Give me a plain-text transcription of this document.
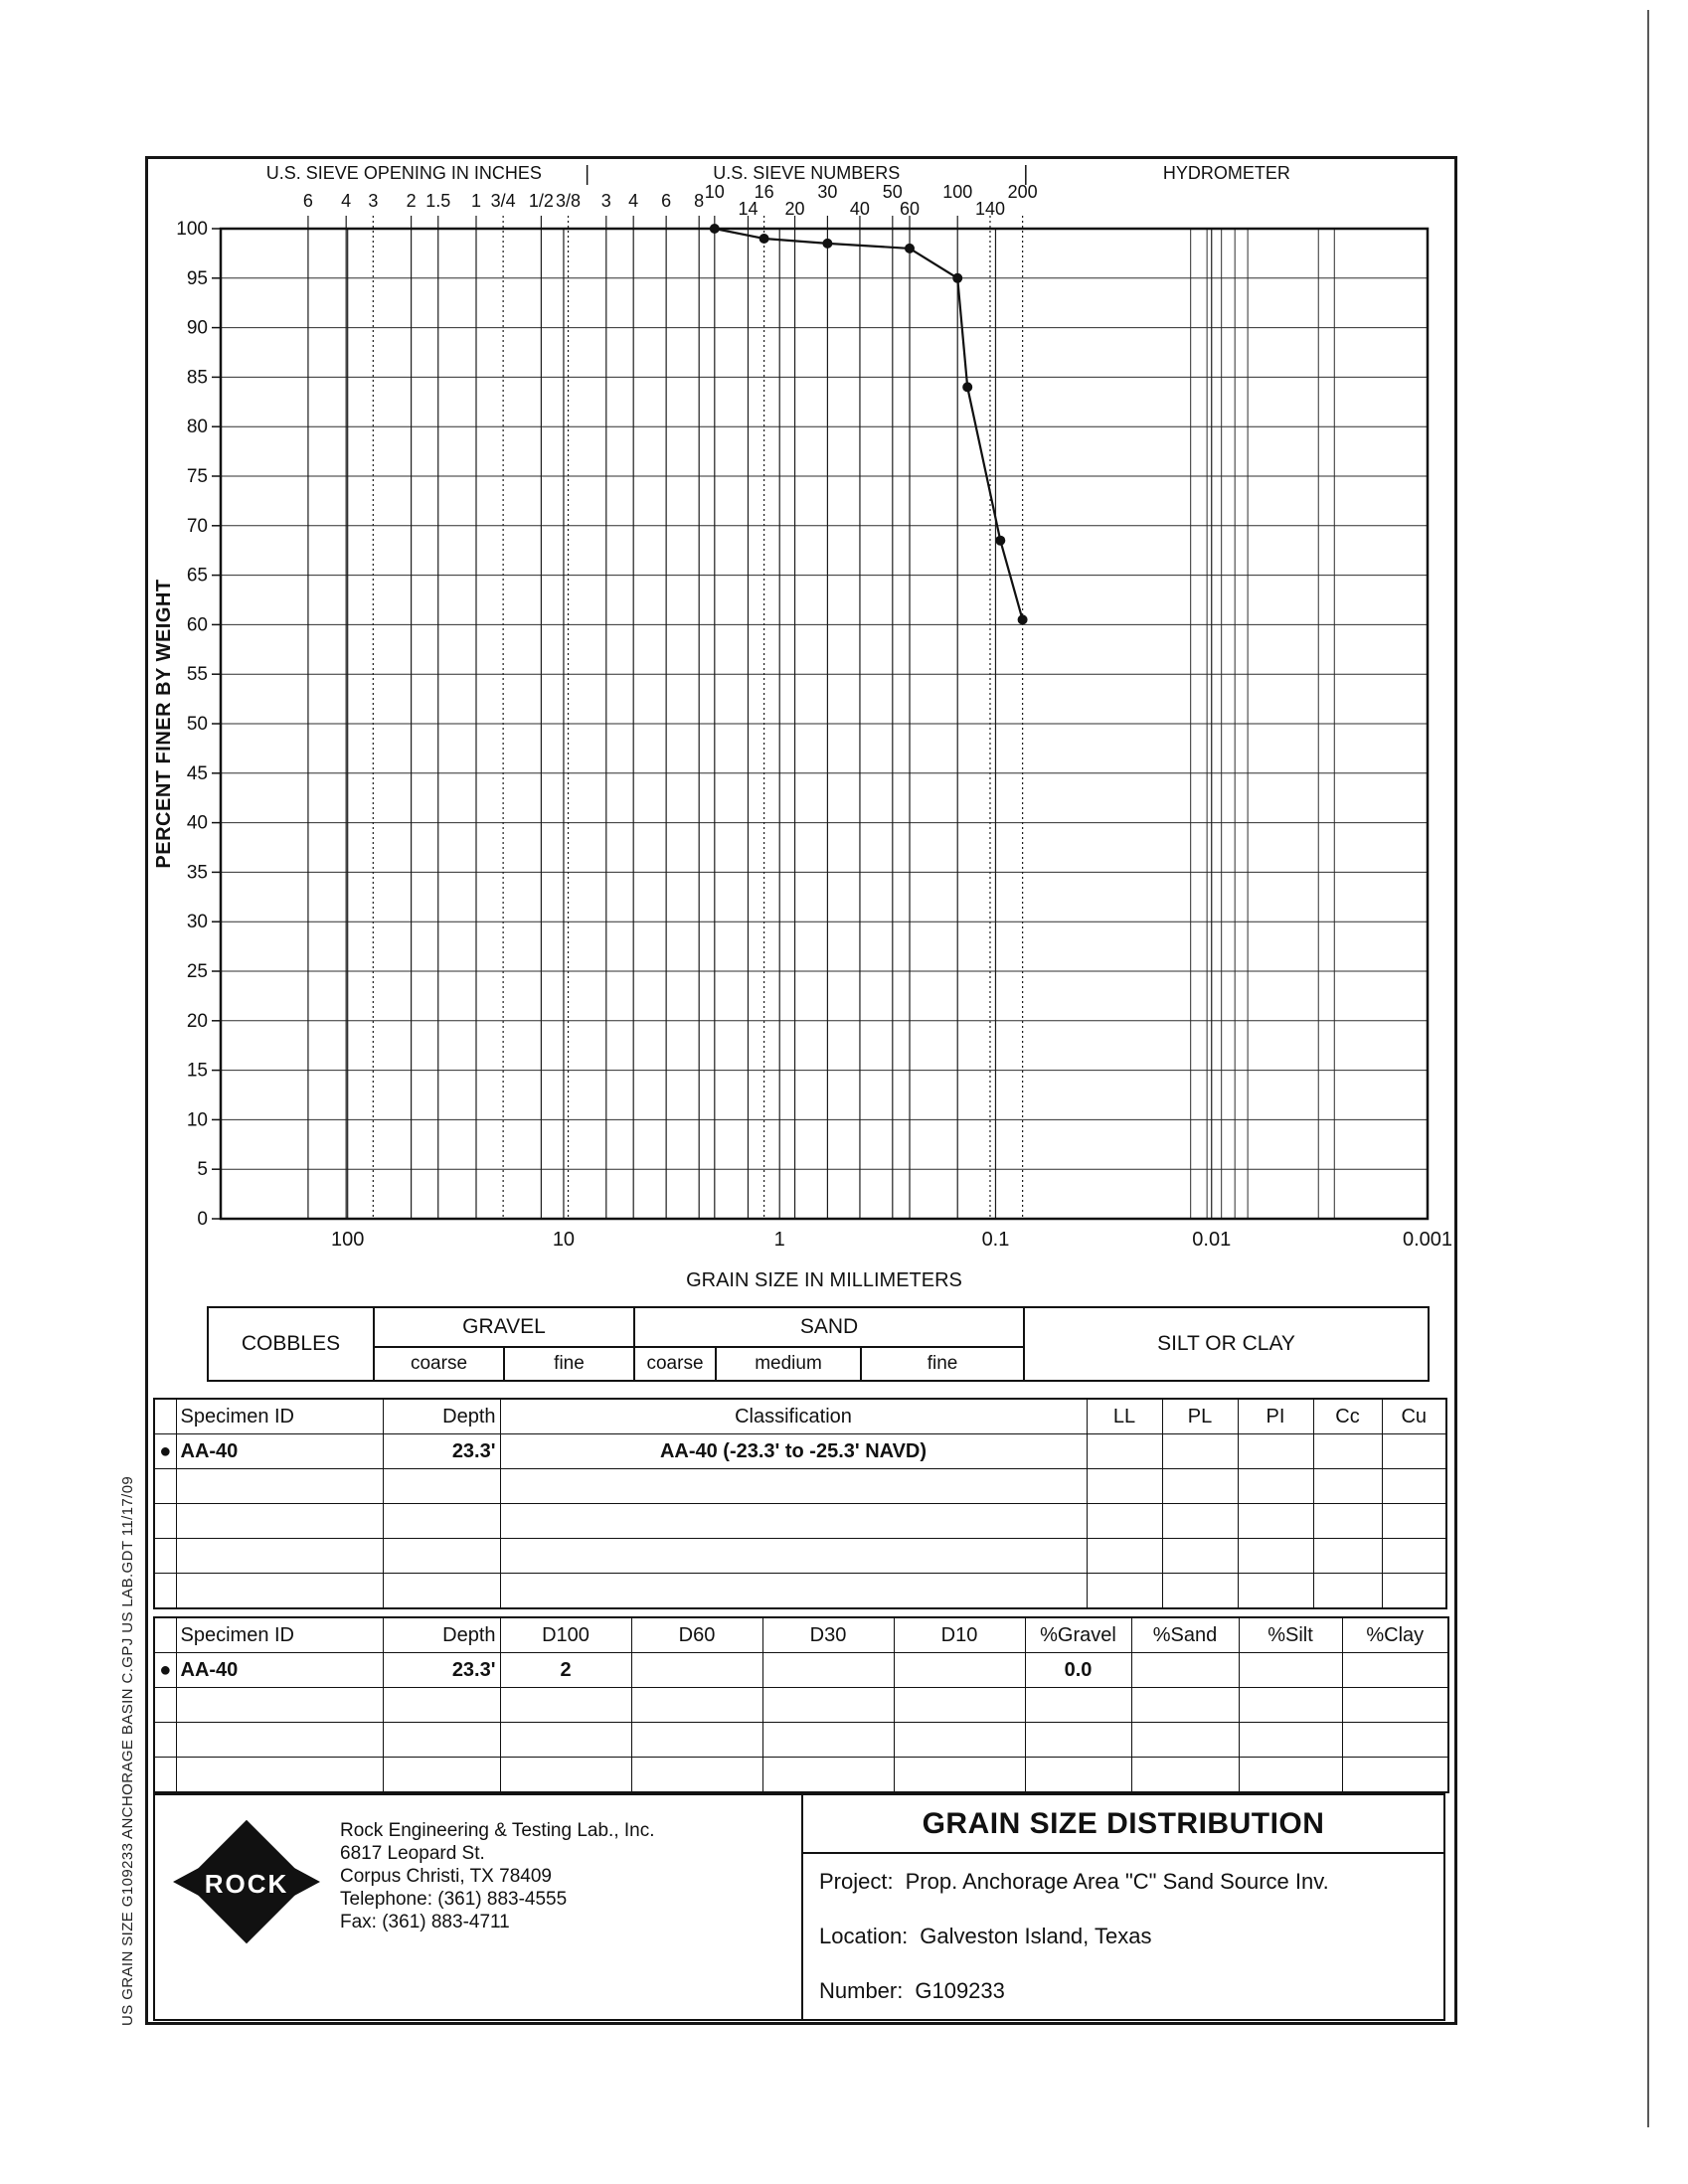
US GRAIN SIZE G109233 ANCHORAGE BASIN C.GPJ US LAB.GDT 11/17/09
0
5
10
15
20
25
30
35
40
45
50
55
60
65
70
75
80
85
90
95
100
100	10	1	0.1	0.01	0.001
6 4 3 2 1.5 1 3/4 1/2 3/8 3 4 6 8 10
14
16
20
30
40
50
60
100
140
200
U.S. SIEVE OPENING IN INCHES	U.S. SIEVE NUMBERS	HYDROMETER
GRAIN SIZE IN MILLIMETERS
PERCENT FINER BY WEIGHT
COBBLES	GRAVEL		SAND			SILT OR CLAY
	coarse	fine	coarse	medium	fine	
	Specimen ID	Depth	Classification	LL	PL	PI	Cc	Cu
●	AA-40	23.3'	AA-40 (-23.3' to -25.3' NAVD)					

	Specimen ID	Depth	D100	D60	D30	D10	%Gravel	%Sand	%Silt	%Clay
●	AA-40	23.3'	2				0.0			

ROCK
Rock Engineering & Testing Lab., Inc.
6817 Leopard St.
Corpus Christi, TX 78409
Telephone: (361) 883-4555
Fax: (361) 883-4711
GRAIN SIZE DISTRIBUTION
Project: Prop. Anchorage Area "C" Sand Source Inv.
Location: Galveston Island, Texas
Number: G109233
